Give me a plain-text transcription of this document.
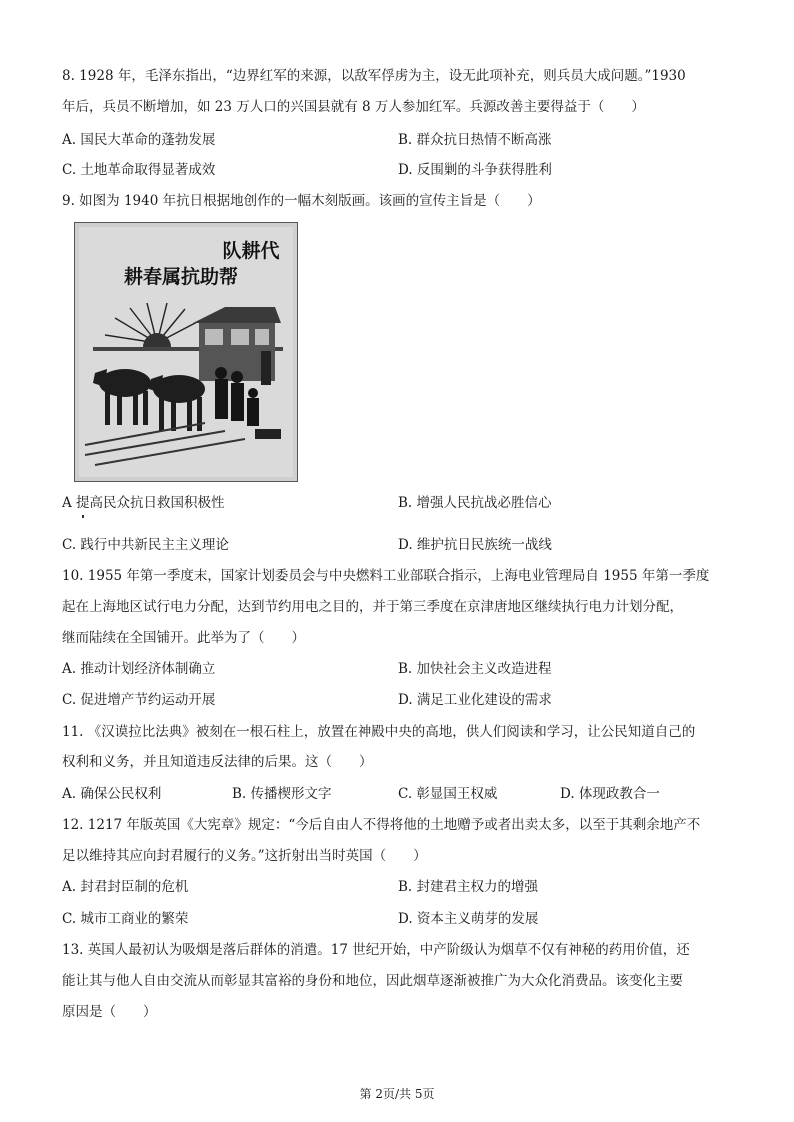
8. 1928 年，毛泽东指出，“边界红军的来源，以敌军俘虏为主，设无此项补充，则兵员大成问题。”1930
年后，兵员不断增加，如 23 万人口的兴国县就有 8 万人参加红军。兵源改善主要得益于（　　）
A. 国民大革命的蓬勃发展	B. 群众抗日热情不断高涨
C. 土地革命取得显著成效	D. 反围剿的斗争获得胜利
9. 如图为 1940 年抗日根据地创作的一幅木刻版画。该画的宣传主旨是（　　）
队耕代
耕春属抗助帮
A 提高民众抗日救国积极性	B. 增强人民抗战必胜信心
C. 践行中共新民主主义理论	D. 维护抗日民族统一战线
10. 1955 年第一季度末，国家计划委员会与中央燃料工业部联合指示，上海电业管理局自 1955 年第一季度
起在上海地区试行电力分配，达到节约用电之目的，并于第三季度在京津唐地区继续执行电力计划分配，
继而陆续在全国铺开。此举为了（　　）
A. 推动计划经济体制确立	B. 加快社会主义改造进程
C. 促进增产节约运动开展	D. 满足工业化建设的需求
11. 《汉谟拉比法典》被刻在一根石柱上，放置在神殿中央的高地，供人们阅读和学习，让公民知道自己的
权利和义务，并且知道违反法律的后果。这（　　）
A. 确保公民权利	B. 传播楔形文字	C. 彰显国王权威	D. 体现政教合一
12. 1217 年版英国《大宪章》规定：“今后自由人不得将他的土地赠予或者出卖太多，以至于其剩余地产不
足以维持其应向封君履行的义务。”这折射出当时英国（　　）
A. 封君封臣制的危机	B. 封建君主权力的增强
C. 城市工商业的繁荣	D. 资本主义萌芽的发展
13. 英国人最初认为吸烟是落后群体的消遣。17 世纪开始，中产阶级认为烟草不仅有神秘的药用价值，还
能让其与他人自由交流从而彰显其富裕的身份和地位，因此烟草逐渐被推广为大众化消费品。该变化主要
原因是（　　）
第 2页/共 5页
